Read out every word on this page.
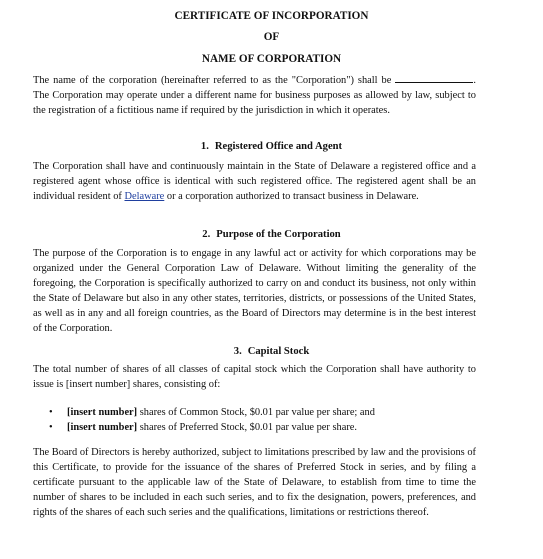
CERTIFICATE OF INCORPORATION
OF
NAME OF CORPORATION

The name of the corporation (hereinafter referred to as the "Corporation") shall be	. The Corporation may operate under a different name for business purposes as allowed by law, subject to the registration of a fictitious name if required by the jurisdiction in which it operates.

1. Registered Office and Agent

The Corporation shall have and continuously maintain in the State of Delaware a registered office and a registered agent whose office is identical with such registered office. The registered agent shall be an individual resident of Delaware or a corporation authorized to transact business in Delaware.

2. Purpose of the Corporation

The purpose of the Corporation is to engage in any lawful act or activity for which corporations may be organized under the General Corporation Law of Delaware. Without limiting the generality of the foregoing, the Corporation is specifically authorized to carry on and conduct its business, not only within the State of Delaware but also in any other states, territories, districts, or possessions of the United States, as well as in any and all foreign countries, as the Board of Directors may determine is in the best interest of the Corporation.

3. Capital Stock

The total number of shares of all classes of capital stock which the Corporation shall have authority to issue is [insert number] shares, consisting of:

• [insert number] shares of Common Stock, $0.01 par value per share; and
• [insert number] shares of Preferred Stock, $0.01 par value per share.

The Board of Directors is hereby authorized, subject to limitations prescribed by law and the provisions of this Certificate, to provide for the issuance of the shares of Preferred Stock in series, and by filing a certificate pursuant to the applicable law of the State of Delaware, to establish from time to time the number of shares to be included in each such series, and to fix the designation, powers, preferences, and rights of the shares of each such series and the qualifications, limitations or restrictions thereof.
